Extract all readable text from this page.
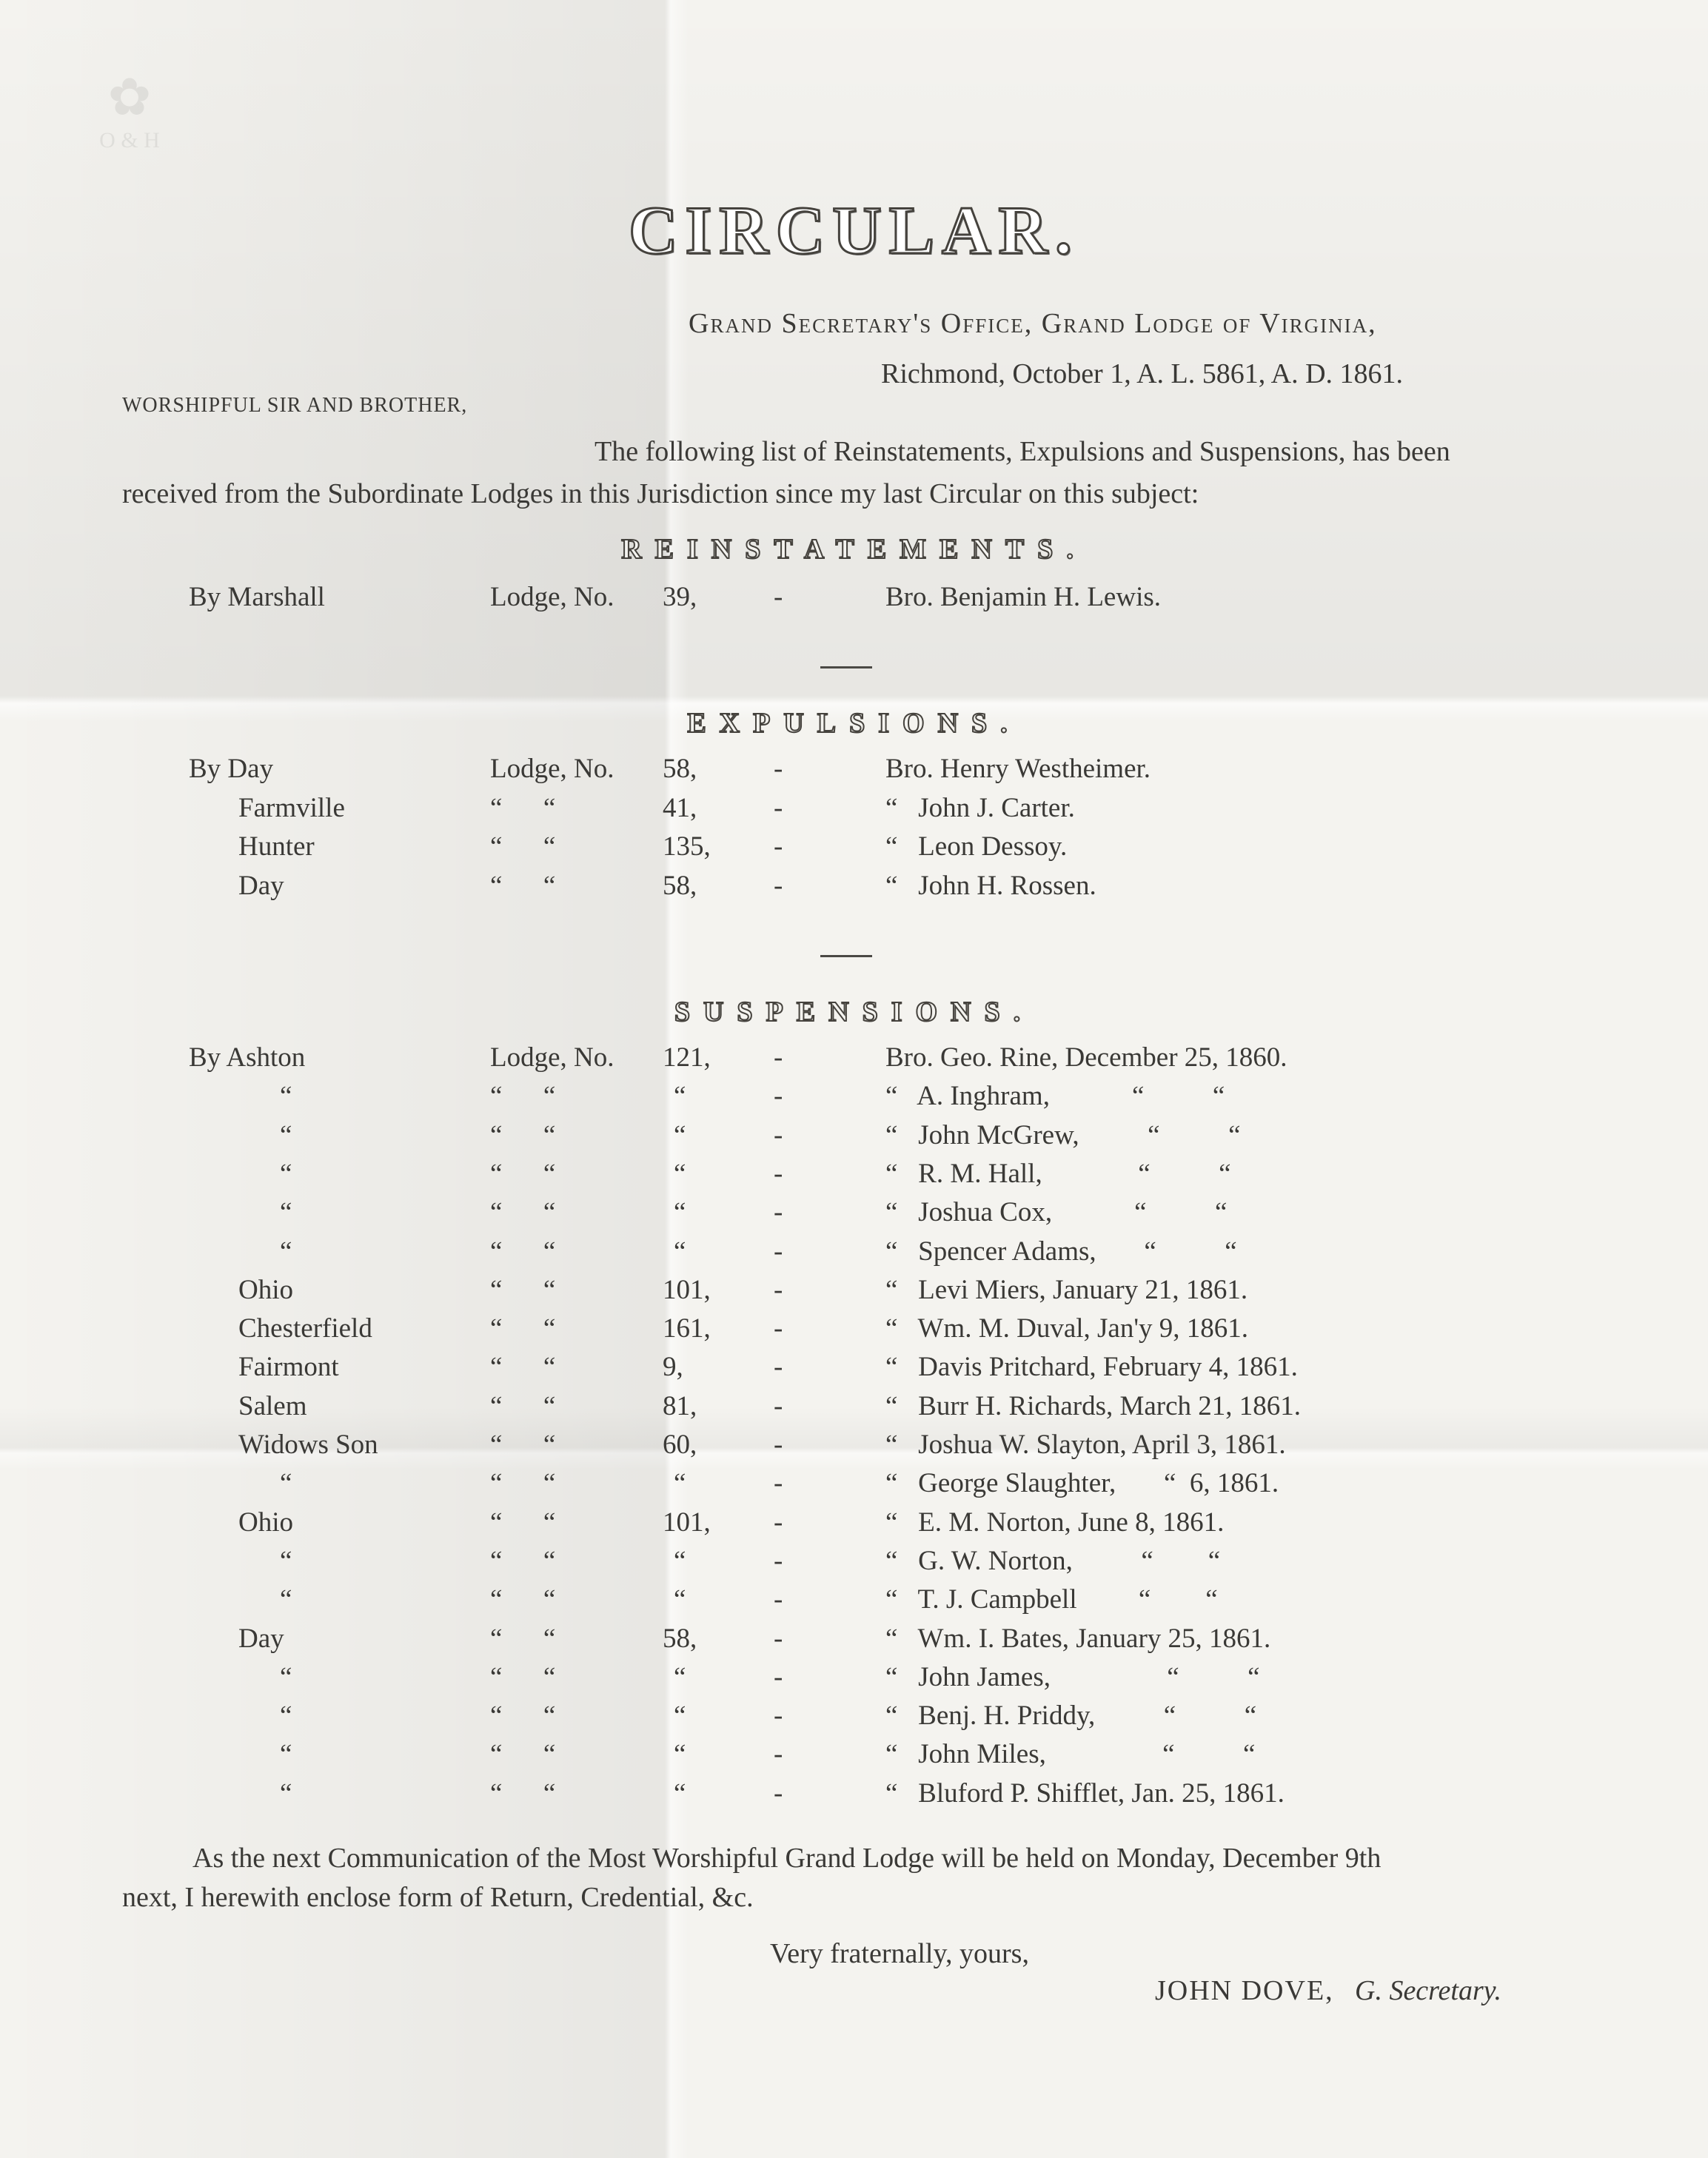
✿
O & H
CIRCULAR.
Grand Secretary's Office, Grand Lodge of Virginia,
Richmond, October 1, A. L. 5861, A. D. 1861.
WORSHIPFUL SIR AND BROTHER,
The following list of Reinstatements, Expulsions and Suspensions, has been
received from the Subordinate Lodges in this Jurisdiction since my last Circular on this subject:
REINSTATEMENTS.
By Marshall	Lodge, No. 39,	-	Bro. Benjamin H. Lewis.
EXPULSIONS.
By Day	Lodge, No. 58,	-	Bro. Henry Westheimer.
Farmville	“      “	41,	-	“   John J. Carter.
Hunter	“      “	135, -	“   Leon Dessoy.
Day	“      “	58,	-	“   John H. Rossen.
SUSPENSIONS.
By Ashton	Lodge, No. 121, -	Bro. Geo. Rine, December 25, 1860.
“	“      “	“	-	“   A. Inghram,            “          “
“	“      “	“	-	“   John McGrew,          “          “
“	“      “	“	-	“   R. M. Hall,              “          “
“	“      “	“	-	“   Joshua Cox,            “          “
“	“      “	“	-	“   Spencer Adams,       “          “
Ohio	“      “	101, -	“   Levi Miers, January 21, 1861.
Chesterfield	“      “	161, -	“   Wm. M. Duval, Jan'y 9, 1861.
Fairmont	“      “	9,	-	“   Davis Pritchard, February 4, 1861.
Salem	“      “	81,	-	“   Burr H. Richards, March 21, 1861.
Widows Son	“      “	60,	-	“   Joshua W. Slayton, April 3, 1861.
“	“      “	“	-	“   George Slaughter,       “  6, 1861.
Ohio	“      “	101, -	“   E. M. Norton, June 8, 1861.
“	“      “	“	-	“   G. W. Norton,          “        “
“	“      “	“	-	“   T. J. Campbell         “        “
Day	“      “	58,	-	“   Wm. I. Bates, January 25, 1861.
“	“      “	“	-	“   John James,                 “          “
“	“      “	“	-	“   Benj. H. Priddy,          “          “
“	“      “	“	-	“   John Miles,                 “          “
“	“      “	“	-	“   Bluford P. Shifflet, Jan. 25, 1861.
As the next Communication of the Most Worshipful Grand Lodge will be held on Monday, December 9th
next, I herewith enclose form of Return, Credential, &c.
Very fraternally, yours,
JOHN DOVE, G. Secretary.
